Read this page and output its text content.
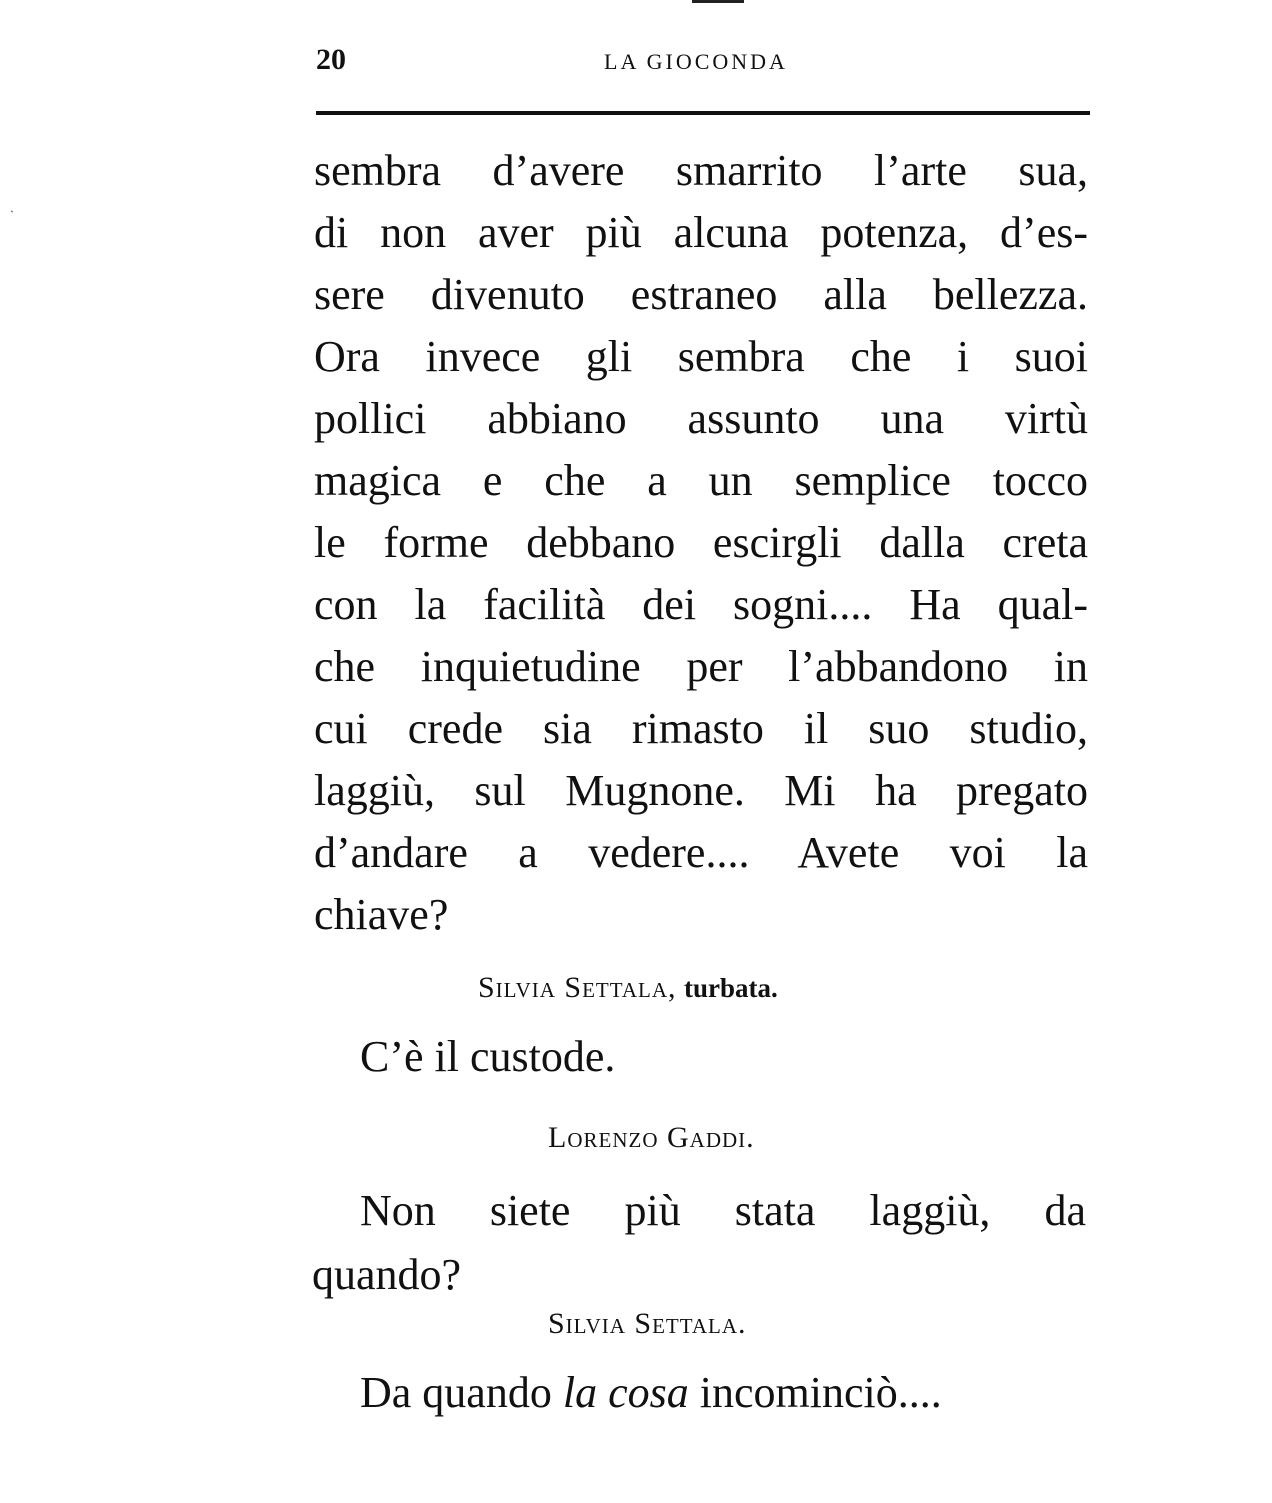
ˎ
20	LA GIOCONDA
sembra d’avere smarrito l’arte sua,
di non aver più alcuna potenza, d’es-
sere divenuto estraneo alla bellezza.
Ora invece gli sembra che i suoi
pollici abbiano assunto una virtù
magica e che a un semplice tocco
le forme debbano escirgli dalla creta
con la facilità dei sogni.... Ha qual-
che inquietudine per l’abbandono in
cui crede sia rimasto il suo studio,
laggiù, sul Mugnone. Mi ha pregato
d’andare a vedere.... Avete voi la
chiave?
Silvia Settala, turbata.
C’è il custode.
Lorenzo Gaddi.
Non siete più stata laggiù, da
quando?
Silvia Settala.
Da quando la cosa incominciò....
